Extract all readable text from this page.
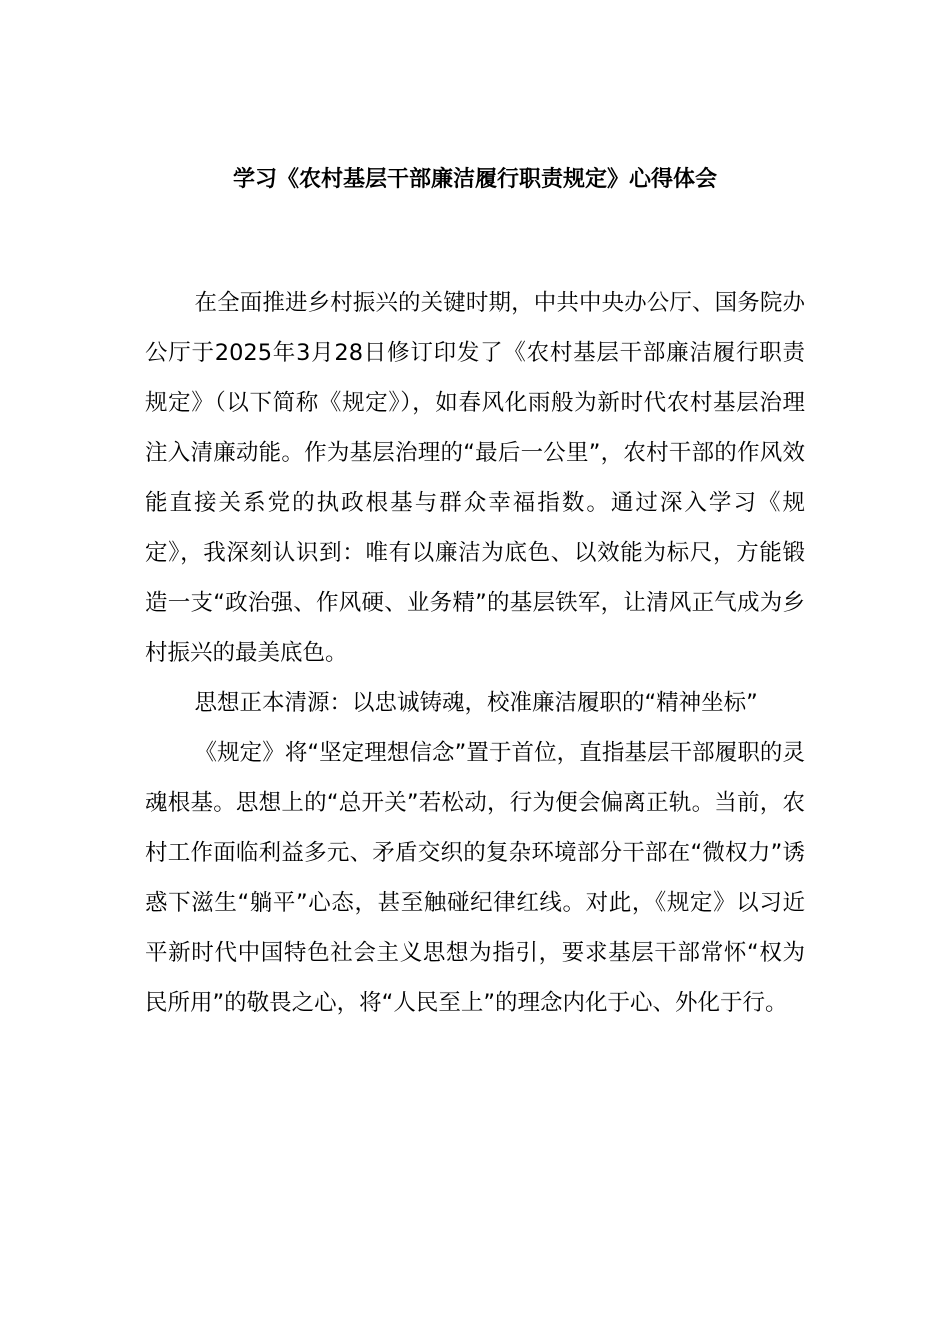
学习《农村基层干部廉洁履行职责规定》心得体会

在全面推进乡村振兴的关键时期，中共中央办公厅、国务院办公厅于2025年3月28日修订印发了《农村基层干部廉洁履行职责规定》（以下简称《规定》），如春风化雨般为新时代农村基层治理注入清廉动能。作为基层治理的“最后一公里”，农村干部的作风效能直接关系党的执政根基与群众幸福指数。通过深入学习《规定》，我深刻认识到：唯有以廉洁为底色、以效能为标尺，方能锻造一支“政治强、作风硬、业务精”的基层铁军，让清风正气成为乡村振兴的最美底色。

思想正本清源：以忠诚铸魂，校准廉洁履职的“精神坐标”

《规定》将“坚定理想信念”置于首位，直指基层干部履职的灵魂根基。思想上的“总开关”若松动，行为便会偏离正轨。当前，农村工作面临利益多元、矛盾交织的复杂环境部分干部在“微权力”诱惑下滋生“躺平”心态，甚至触碰纪律红线。对此，《规定》以习近平新时代中国特色社会主义思想为指引，要求基层干部常怀“权为民所用”的敬畏之心，将“人民至上”的理念内化于心、外化于行。
